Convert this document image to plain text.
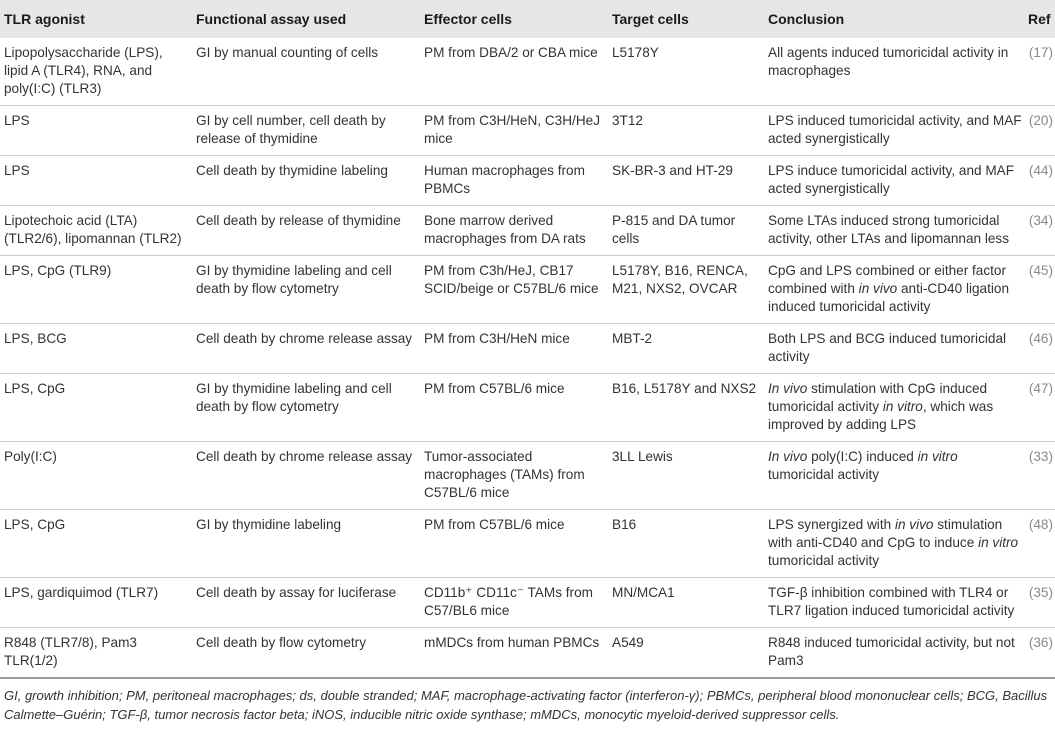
TLR agonist	Functional assay used	Effector cells	Target cells	Conclusion	Ref
Lipopolysaccharide (LPS), lipid A (TLR4), RNA, and poly(I:C) (TLR3)	GI by manual counting of cells	PM from DBA/2 or CBA mice	L5178Y	All agents induced tumoricidal activity in macrophages	(17)
LPS	GI by cell number, cell death by release of thymidine	PM from C3H/HeN, C3H/HeJ mice	3T12	LPS induced tumoricidal activity, and MAF acted synergistically	(20)
LPS	Cell death by thymidine labeling	Human macrophages from PBMCs	SK-BR-3 and HT-29	LPS induce tumoricidal activity, and MAF acted synergistically	(44)
Lipotechoic acid (LTA) (TLR2/6), lipomannan (TLR2)	Cell death by release of thymidine	Bone marrow derived macrophages from DA rats	P-815 and DA tumor cells	Some LTAs induced strong tumoricidal activity, other LTAs and lipomannan less	(34)
LPS, CpG (TLR9)	GI by thymidine labeling and cell death by flow cytometry	PM from C3h/HeJ, CB17 SCID/beige or C57BL/6 mice	L5178Y, B16, RENCA, M21, NXS2, OVCAR	CpG and LPS combined or either factor combined with in vivo anti-CD40 ligation induced tumoricidal activity	(45)
LPS, BCG	Cell death by chrome release assay	PM from C3H/HeN mice	MBT-2	Both LPS and BCG induced tumoricidal activity	(46)
LPS, CpG	GI by thymidine labeling and cell death by flow cytometry	PM from C57BL/6 mice	B16, L5178Y and NXS2	In vivo stimulation with CpG induced tumoricidal activity in vitro, which was improved by adding LPS	(47)
Poly(I:C)	Cell death by chrome release assay	Tumor-associated macrophages (TAMs) from C57BL/6 mice	3LL Lewis	In vivo poly(I:C) induced in vitro tumoricidal activity	(33)
LPS, CpG	GI by thymidine labeling	PM from C57BL/6 mice	B16	LPS synergized with in vivo stimulation with anti-CD40 and CpG to induce in vitro tumoricidal activity	(48)
LPS, gardiquimod (TLR7)	Cell death by assay for luciferase	CD11b⁺ CD11c⁻ TAMs from C57/BL6 mice	MN/MCA1	TGF-β inhibition combined with TLR4 or TLR7 ligation induced tumoricidal activity	(35)
R848 (TLR7/8), Pam3 TLR(1/2)	Cell death by flow cytometry	mMDCs from human PBMCs	A549	R848 induced tumoricidal activity, but not Pam3	(36)
GI, growth inhibition; PM, peritoneal macrophages; ds, double stranded; MAF, macrophage-activating factor (interferon-γ); PBMCs, peripheral blood mononuclear cells; BCG, Bacillus Calmette–Guérin; TGF-β, tumor necrosis factor beta; iNOS, inducible nitric oxide synthase; mMDCs, monocytic myeloid-derived suppressor cells.
